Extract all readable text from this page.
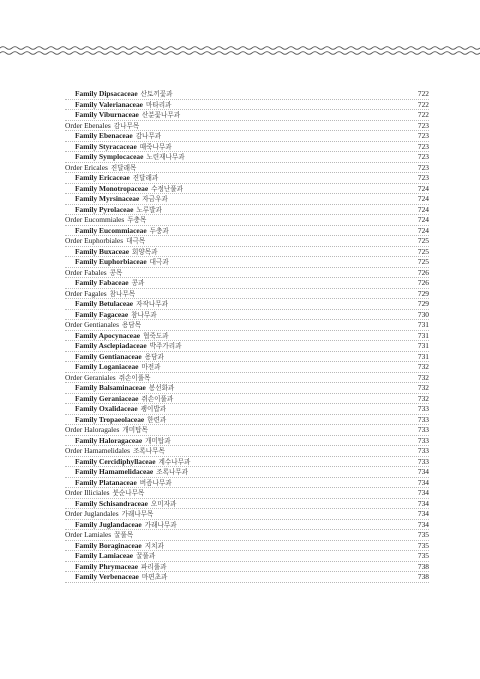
Family Dipsacaceae 산토끼꽃과	722
Family Valerianaceae 마타리과	722
Family Viburnaceae 산분꽃나무과	722
Order Ebenales 감나무목	723
Family Ebenaceae 감나무과	723
Family Styracaceae 때죽나무과	723
Family Symplocaceae 노린재나무과	723
Order Ericales 진달래목	723
Family Ericaceae 진달래과	723
Family Monotropaceae 수정난풀과	724
Family Myrsinaceae 자금우과	724
Family Pyrolaceae 노루발과	724
Order Eucommiales 두충목	724
Family Eucommiaceae 두충과	724
Order Euphorbiales 대극목	725
Family Buxaceae 회양목과	725
Family Euphorbiaceae 대극과	725
Order Fabales 콩목	726
Family Fabaceae 콩과	726
Order Fagales 참나무목	729
Family Betulaceae 자작나무과	729
Family Fagaceae 참나무과	730
Order Gentianales 용담목	731
Family Apocynaceae 협죽도과	731
Family Asclepiadaceae 박주가리과	731
Family Gentianaceae 용담과	731
Family Loganiaceae 마전과	732
Order Geraniales 쥐손이풀목	732
Family Balsaminaceae 봉선화과	732
Family Geraniaceae 쥐손이풀과	732
Family Oxalidaceae 괭이밥과	733
Family Tropaeolaceae 한련과	733
Order Haloragales 개미탑목	733
Family Haloragaceae 개미탑과	733
Order Hamamelidales 조록나무목	733
Family Cercidiphyllaceae 계수나무과	733
Family Hamamelidaceae 조록나무과	734
Family Platanaceae 버즘나무과	734
Order Illiciales 붓순나무목	734
Family Schisandraceae 오미자과	734
Order Juglandales 가래나무목	734
Family Juglandaceae 가래나무과	734
Order Lamiales 꿀풀목	735
Family Boraginaceae 지치과	735
Family Lamiaceae 꿀풀과	735
Family Phrymaceae 파리풀과	738
Family Verbenaceae 마편초과	738
